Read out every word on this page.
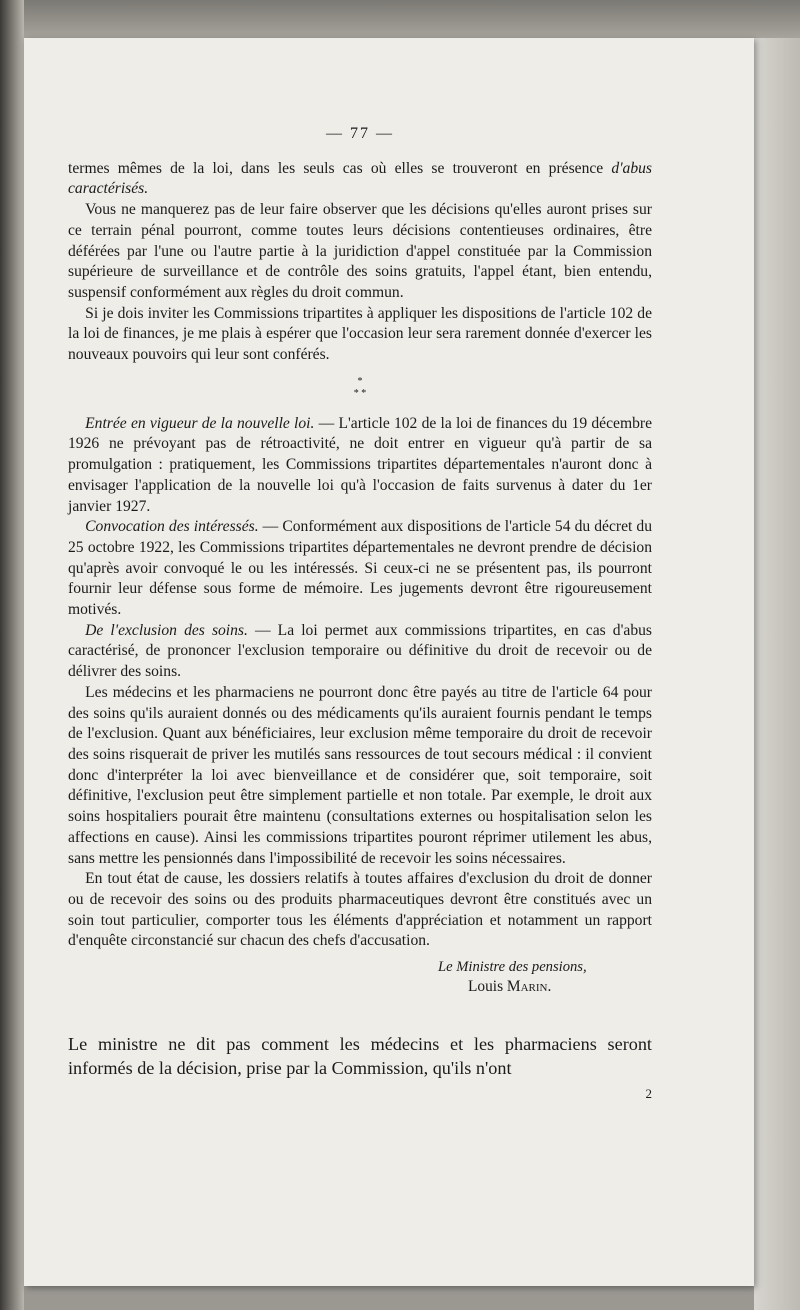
— 77 —

termes mêmes de la loi, dans les seuls cas où elles se trouveront en présence d'abus caractérisés.

Vous ne manquerez pas de leur faire observer que les décisions qu'elles auront prises sur ce terrain pénal pourront, comme toutes leurs décisions contentieuses ordinaires, être déférées par l'une ou l'autre partie à la juridiction d'appel constituée par la Commission supérieure de surveillance et de contrôle des soins gratuits, l'appel étant, bien entendu, suspensif conformément aux règles du droit commun.

Si je dois inviter les Commissions tripartites à appliquer les dispositions de l'article 102 de la loi de finances, je me plais à espérer que l'occasion leur sera rarement donnée d'exercer les nouveaux pouvoirs qui leur sont conférés.

*
* *

Entrée en vigueur de la nouvelle loi. — L'article 102 de la loi de finances du 19 décembre 1926 ne prévoyant pas de rétroactivité, ne doit entrer en vigueur qu'à partir de sa promulgation : pratiquement, les Commissions tripartites départementales n'auront donc à envisager l'application de la nouvelle loi qu'à l'occasion de faits survenus à dater du 1er janvier 1927.

Convocation des intéressés. — Conformément aux dispositions de l'article 54 du décret du 25 octobre 1922, les Commissions tripartites départementales ne devront prendre de décision qu'après avoir convoqué le ou les intéressés. Si ceux-ci ne se présentent pas, ils pourront fournir leur défense sous forme de mémoire. Les jugements devront être rigoureusement motivés.

De l'exclusion des soins. — La loi permet aux commissions tripartites, en cas d'abus caractérisé, de prononcer l'exclusion temporaire ou définitive du droit de recevoir ou de délivrer des soins.

Les médecins et les pharmaciens ne pourront donc être payés au titre de l'article 64 pour des soins qu'ils auraient donnés ou des médicaments qu'ils auraient fournis pendant le temps de l'exclusion. Quant aux bénéficiaires, leur exclusion même temporaire du droit de recevoir des soins risquerait de priver les mutilés sans ressources de tout secours médical : il convient donc d'interpréter la loi avec bienveillance et de considérer que, soit temporaire, soit définitive, l'exclusion peut être simplement partielle et non totale. Par exemple, le droit aux soins hospitaliers pourait être maintenu (consultations externes ou hospitalisation selon les affections en cause). Ainsi les commissions tripartites pouront réprimer utilement les abus, sans mettre les pensionnés dans l'impossibilité de recevoir les soins nécessaires.

En tout état de cause, les dossiers relatifs à toutes affaires d'exclusion du droit de donner ou de recevoir des soins ou des produits pharmaceutiques devront être constitués avec un soin tout particulier, comporter tous les éléments d'appréciation et notamment un rapport d'enquête circonstancié sur chacun des chefs d'accusation.

Le Ministre des pensions,
Louis Marin.

Le ministre ne dit pas comment les médecins et les pharmaciens seront informés de la décision, prise par la Commission, qu'ils n'ont

2
